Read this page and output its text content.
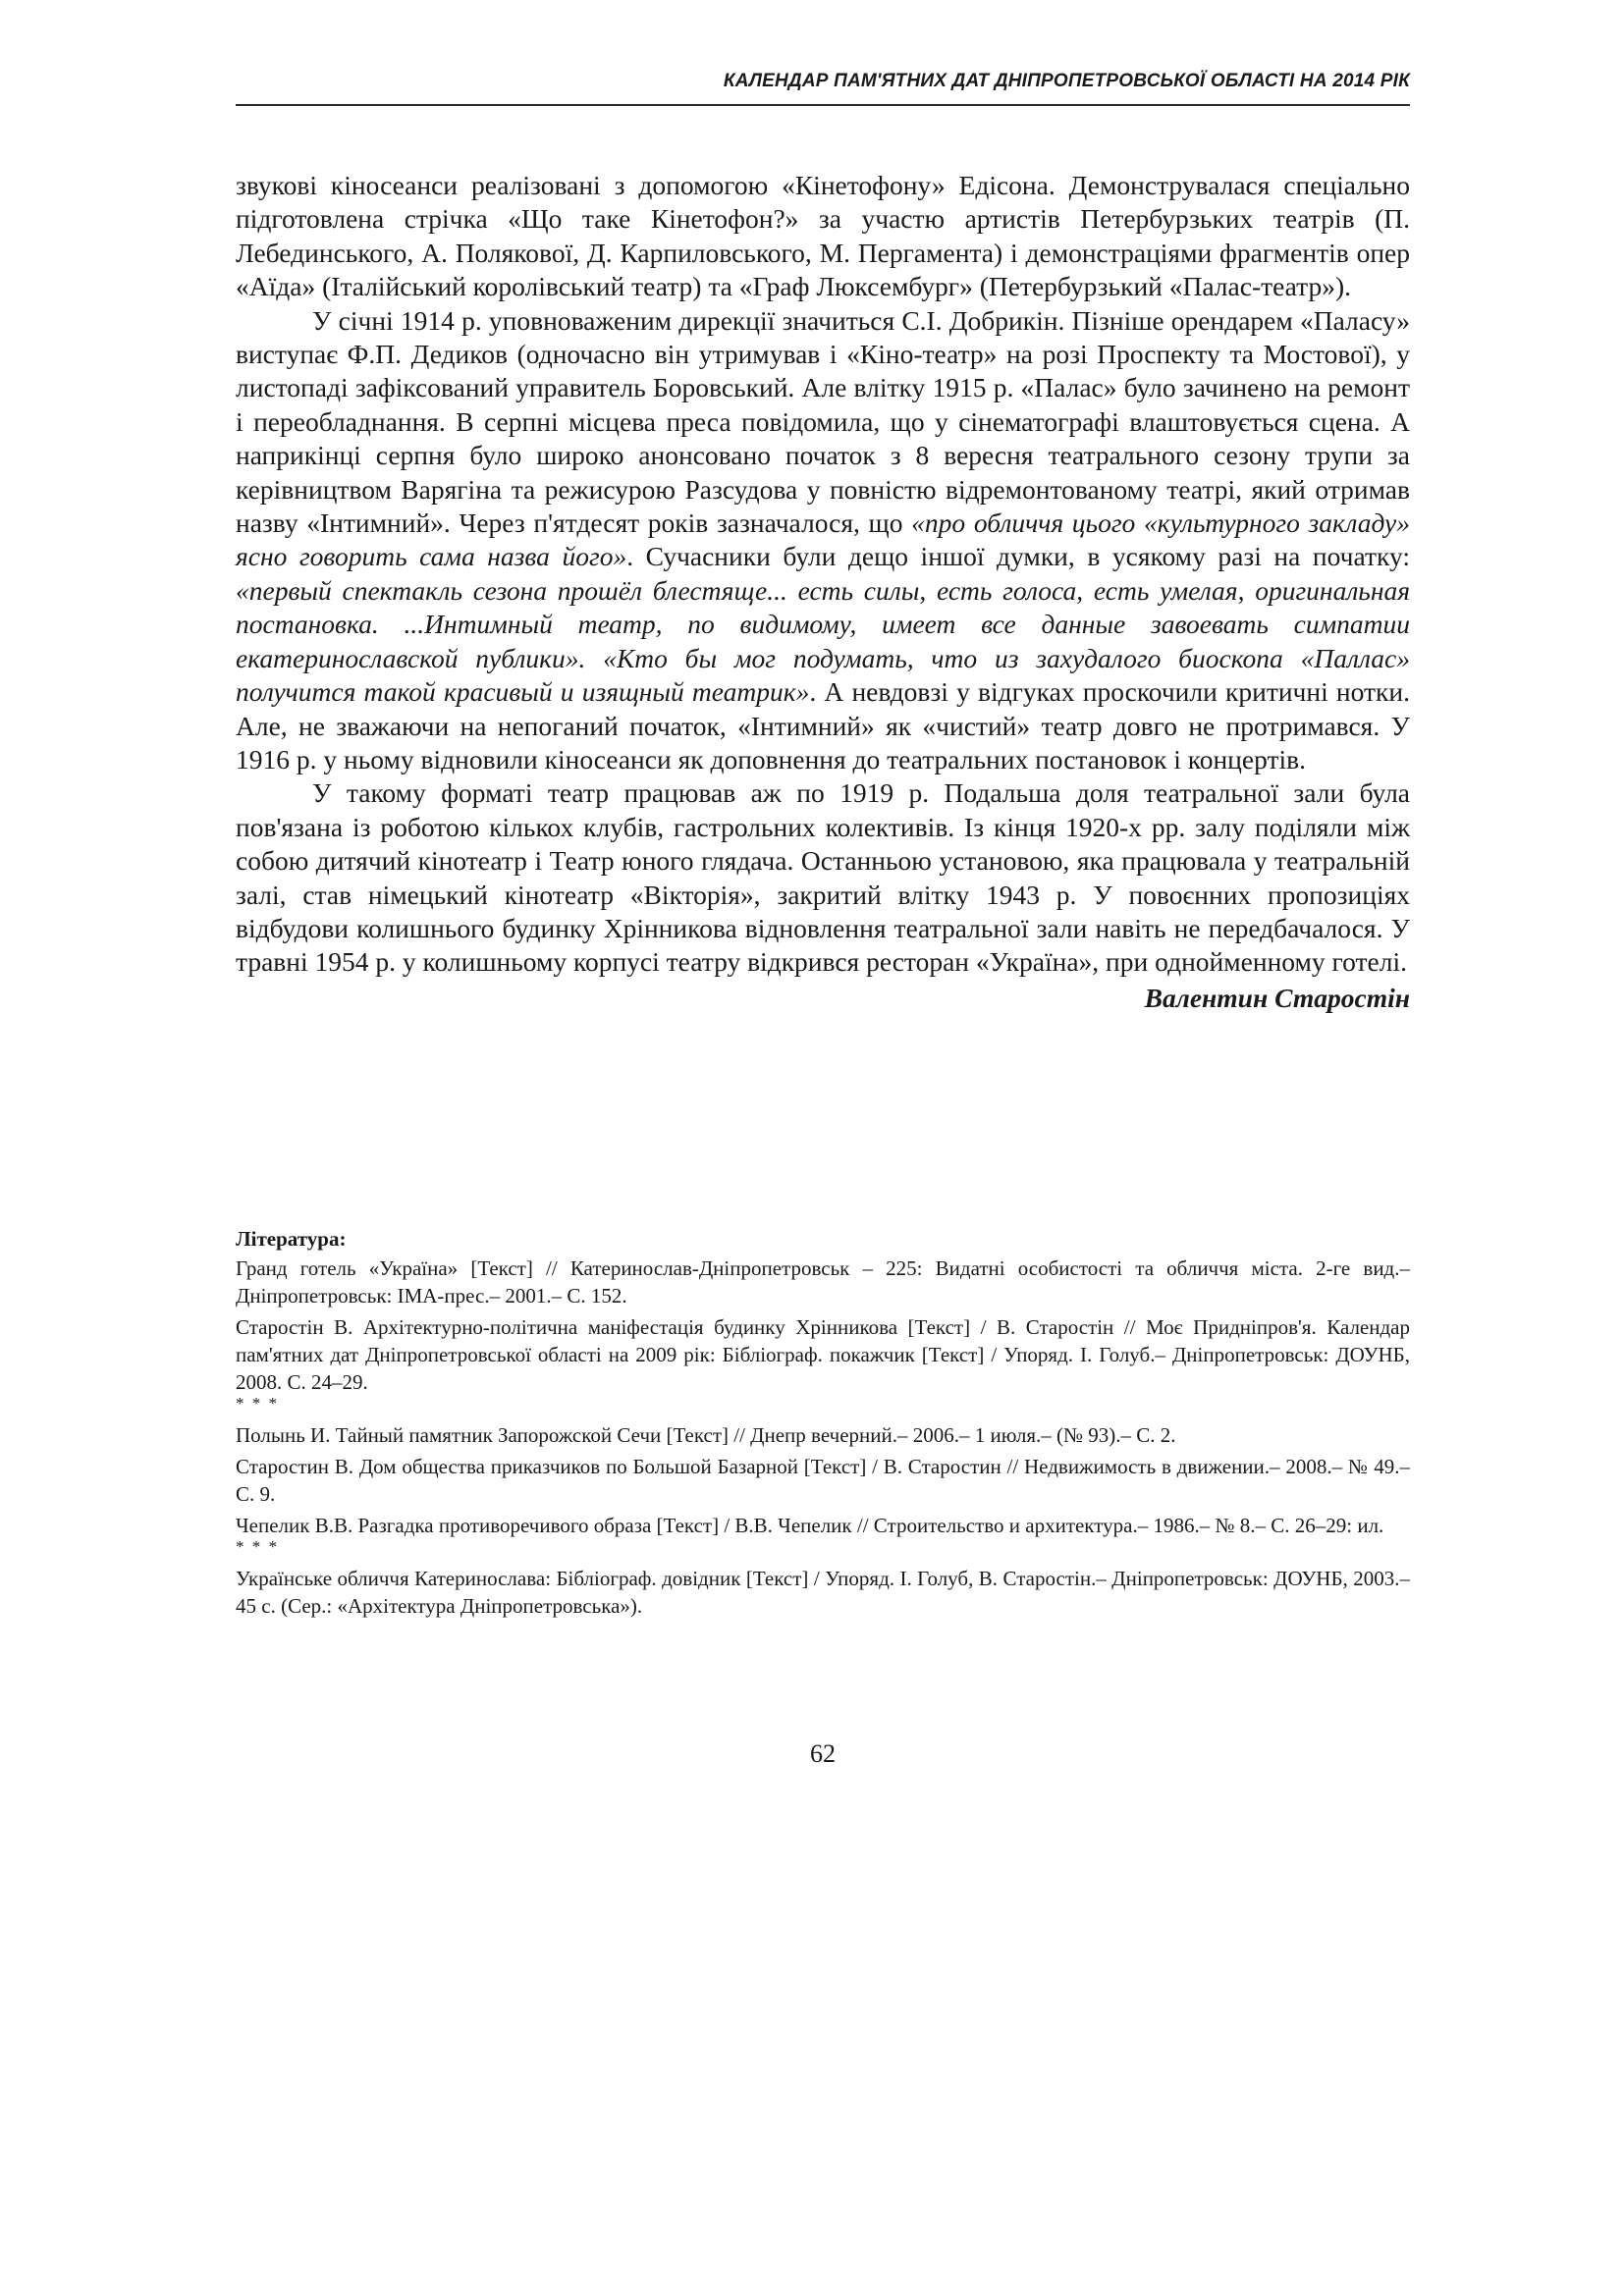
КАЛЕНДАР ПАМ'ЯТНИХ ДАТ ДНІПРОПЕТРОВСЬКОЇ ОБЛАСТІ НА 2014 РІК

звукові кіносеанси реалізовані з допомогою «Кінетофону» Едісона. Демонструвалася спеціально підготовлена стрічка «Що таке Кінетофон?» за участю артистів Петербурзьких театрів (П. Лебединського, А. Полякової, Д. Карпиловського, М. Пергамента) і демонстраціями фрагментів опер «Аїда» (Італійський королівський театр) та «Граф Люксембург» (Петербурзький «Палас-театр»).

У січні 1914 р. уповноваженим дирекції значиться С.І. Добрикін. Пізніше орендарем «Паласу» виступає Ф.П. Дедиков (одночасно він утримував і «Кіно-театр» на розі Проспекту та Мостової), у листопаді зафіксований управитель Боровський. Але влітку 1915 р. «Палас» було зачинено на ремонт і переобладнання. В серпні місцева преса повідомила, що у сінематографі влаштовується сцена. А наприкінці серпня було широко анонсовано початок з 8 вересня театрального сезону трупи за керівництвом Варягіна та режисурою Разсудова у повністю відремонтованому театрі, який отримав назву «Інтимний». Через п'ятдесят років зазначалося, що «про обличчя цього «культурного закладу» ясно говорить сама назва його». Сучасники були дещо іншої думки, в усякому разі на початку: «первый спектакль сезона прошёл блестяще... есть силы, есть голоса, есть умелая, оригинальная постановка. ...Интимный театр, по видимому, имеет все данные завоевать симпатии екатеринославской публики». «Кто бы мог подумать, что из захудалого биоскопа «Паллас» получится такой красивый и изящный театрик». А невдовзі у відгуках проскочили критичні нотки. Але, не зважаючи на непоганий початок, «Інтимний» як «чистий» театр довго не протримався. У 1916 р. у ньому відновили кіносеанси як доповнення до театральних постановок і концертів.

У такому форматі театр працював аж по 1919 р. Подальша доля театральної зали була пов'язана із роботою кількох клубів, гастрольних колективів. Із кінця 1920-х рр. залу поділяли між собою дитячий кінотеатр і Театр юного глядача. Останньою установою, яка працювала у театральній залі, став німецький кінотеатр «Вікторія», закритий влітку 1943 р. У повоєнних пропозиціях відбудови колишнього будинку Хрінникова відновлення театральної зали навіть не передбачалося. У травні 1954 р. у колишньому корпусі театру відкрився ресторан «Україна», при однойменному готелі.

Валентин Старостін
Література:
Гранд готель «Україна» [Текст] // Катеринослав-Дніпропетровськ – 225: Видатні особистості та обличчя міста. 2-ге вид.– Дніпропетровськ: ІМА-прес.– 2001.– С. 152.
Старостін В. Архітектурно-політична маніфестація будинку Хрінникова [Текст] / В. Старостін // Моє Придніпров'я. Календар пам'ятних дат Дніпропетровської області на 2009 рік: Бібліограф. покажчик [Текст] / Упоряд. І. Голуб.– Дніпропетровськ: ДОУНБ, 2008. С. 24–29.
* * *
Полынь И. Тайный памятник Запорожской Сечи [Текст] // Днепр вечерний.– 2006.– 1 июля.– (№ 93).– С. 2.
Старостин В. Дом общества приказчиков по Большой Базарной [Текст] / В. Старостин // Недвижимость в движении.– 2008.– № 49.– С. 9.
Чепелик В.В. Разгадка противоречивого образа [Текст] / В.В. Чепелик // Строительство и архитектура.– 1986.– № 8.– С. 26–29: ил.
* * *
Українське обличчя Катеринослава: Бібліограф. довідник [Текст] / Упоряд. І. Голуб, В. Старостін.– Дніпропетровськ: ДОУНБ, 2003.– 45 с. (Сер.: «Архітектура Дніпропетровська»).
62
